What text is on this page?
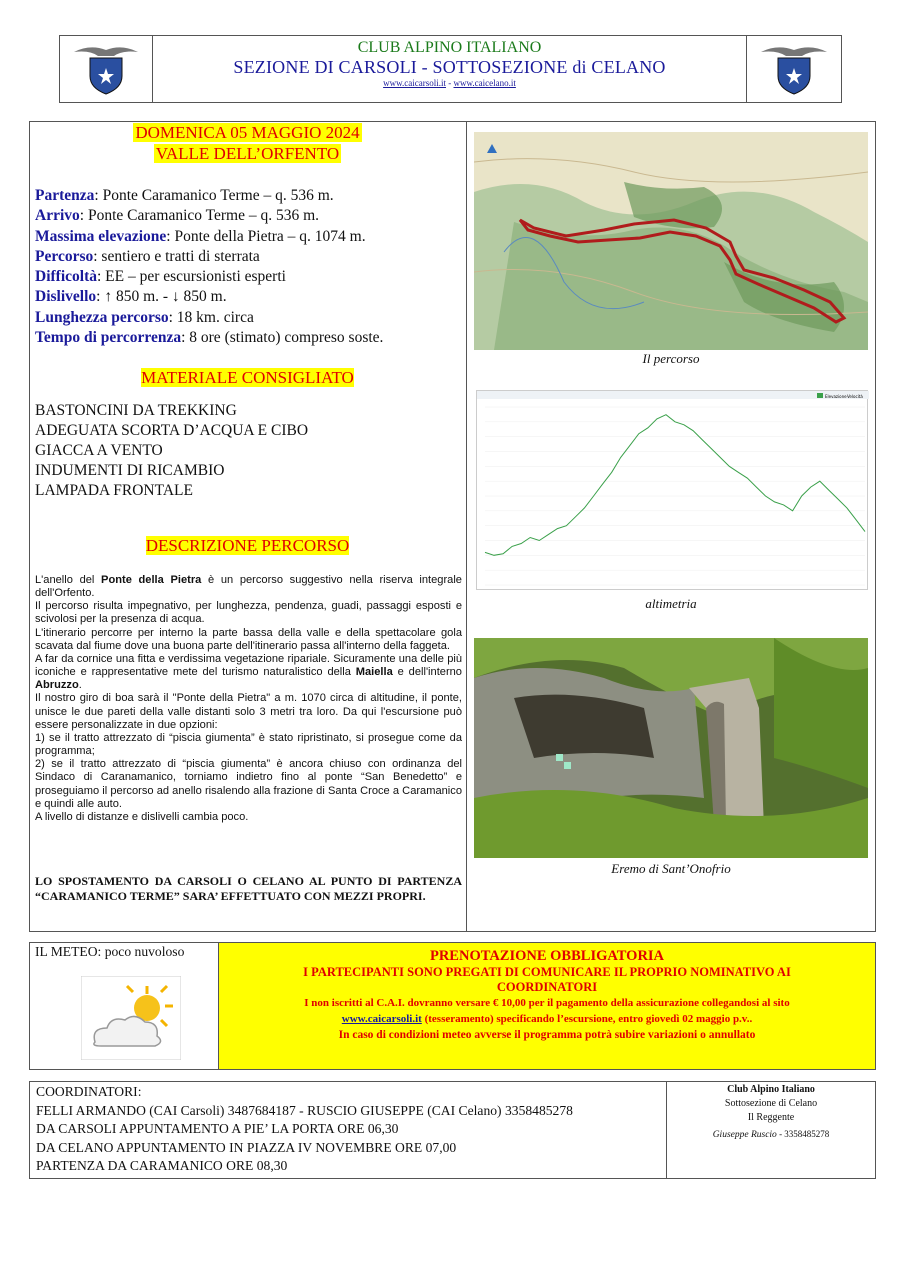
CLUB ALPINO ITALIANO
SEZIONE DI CARSOLI - SOTTOSEZIONE di CELANO
www.caicarsoli.it - www.caicelano.it
DOMENICA 05 MAGGIO 2024
VALLE DELL’ORFENTO
Partenza: Ponte Caramanico Terme – q. 536 m.
Arrivo: Ponte Caramanico Terme – q. 536 m.
Massima elevazione: Ponte della Pietra – q. 1074 m.
Percorso: sentiero e tratti di sterrata
Difficoltà: EE – per escursionisti esperti
Dislivello: ↑ 850 m. - ↓ 850 m.
Lunghezza percorso: 18 km. circa
Tempo di percorrenza: 8 ore (stimato) compreso soste.
MATERIALE CONSIGLIATO
BASTONCINI DA TREKKING
ADEGUATA SCORTA D’ACQUA E CIBO
GIACCA A VENTO
INDUMENTI DI RICAMBIO
LAMPADA FRONTALE
DESCRIZIONE PERCORSO

L'anello del Ponte della Pietra è un percorso suggestivo nella riserva integrale dell'Orfento.

Il percorso risulta impegnativo, per lunghezza, pendenza, guadi, passaggi esposti e scivolosi per la presenza di acqua.

L'itinerario percorre per interno la parte bassa della valle e della spettacolare gola scavata dal fiume dove una buona parte dell'itinerario passa all'interno della faggeta.

A far da cornice una fitta e verdissima vegetazione ripariale. Sicuramente una delle più iconiche e rappresentative mete del turismo naturalistico della Maiella e dell'interno Abruzzo.

Il nostro giro di boa sarà il "Ponte della Pietra" a m. 1070 circa di altitudine, il ponte, unisce le due pareti della valle distanti solo 3 metri tra loro. Da qui l'escursione può essere personalizzate in due opzioni:

1) se il tratto attrezzato di “piscia giumenta” è stato ripristinato, si prosegue come da programma;

2) se il tratto attrezzato di “piscia giumenta” è ancora chiuso con ordinanza del Sindaco di Caranamanico, torniamo indietro fino al ponte “San Benedetto” e proseguiamo il percorso ad anello risalendo alla frazione di Santa Croce a Caramanico e quindi alle auto.

A livello di distanze e dislivelli cambia poco.

LO SPOSTAMENTO DA CARSOLI O CELANO AL PUNTO DI PARTENZA “CARAMANICO TERME” SARA’ EFFETTUATO CON MEZZI PROPRI.
Il percorso
Elevazione Velocità
altimetria
Eremo di Sant’Onofrio
IL METEO: poco nuvoloso	PRENOTAZIONE OBBLIGATORIA
I PARTECIPANTI SONO PREGATI DI COMUNICARE IL PROPRIO NOMINATIVO AI COORDINATORI
I non iscritti al C.A.I. dovranno versare € 10,00 per il pagamento della assicurazione collegandosi al sito
www.caicarsoli.it (tesseramento) specificando l’escursione, entro giovedì 02 maggio p.v..
In caso di condizioni meteo avverse il programma potrà subire variazioni o annullato
COORDINATORI:
FELLI ARMANDO (CAI Carsoli) 3487684187 - RUSCIO GIUSEPPE (CAI Celano) 3358485278
DA CARSOLI APPUNTAMENTO A PIE’ LA PORTA ORE 06,30
DA CELANO APPUNTAMENTO IN PIAZZA IV NOVEMBRE ORE 07,00
PARTENZA DA CARAMANICO ORE 08,30
Club Alpino Italiano
Sottosezione di Celano
Il Reggente
Giuseppe Ruscio - 3358485278
